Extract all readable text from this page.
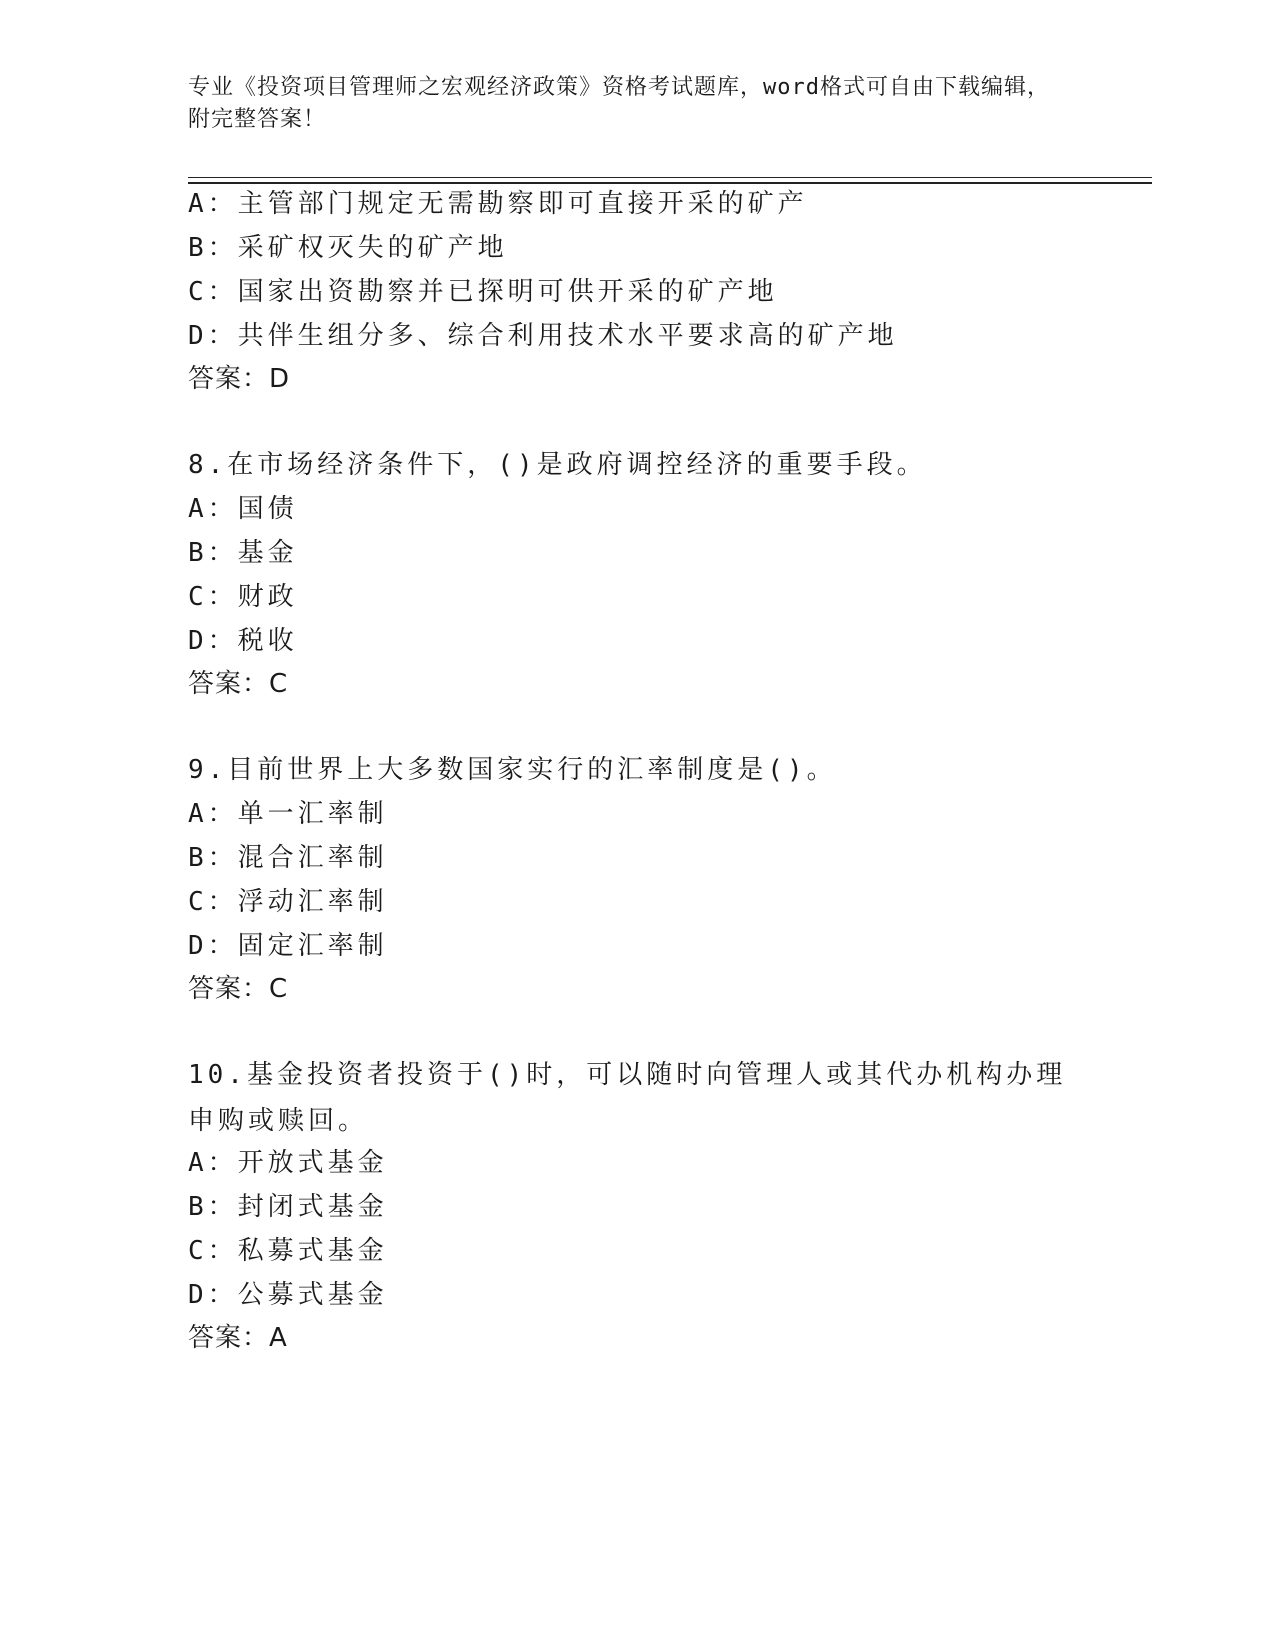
专业《投资项目管理师之宏观经济政策》资格考试题库，word格式可自由下载编辑，附完整答案！
A：主管部门规定无需勘察即可直接开采的矿产
B：采矿权灭失的矿产地
C：国家出资勘察并已探明可供开采的矿产地
D：共伴生组分多、综合利用技术水平要求高的矿产地
答案：D
8.在市场经济条件下，()是政府调控经济的重要手段。
A：国债
B：基金
C：财政
D：税收
答案：C
9.目前世界上大多数国家实行的汇率制度是()。
A：单一汇率制
B：混合汇率制
C：浮动汇率制
D：固定汇率制
答案：C
10.基金投资者投资于()时，可以随时向管理人或其代办机构办理申购或赎回。
A：开放式基金
B：封闭式基金
C：私募式基金
D：公募式基金
答案：A
